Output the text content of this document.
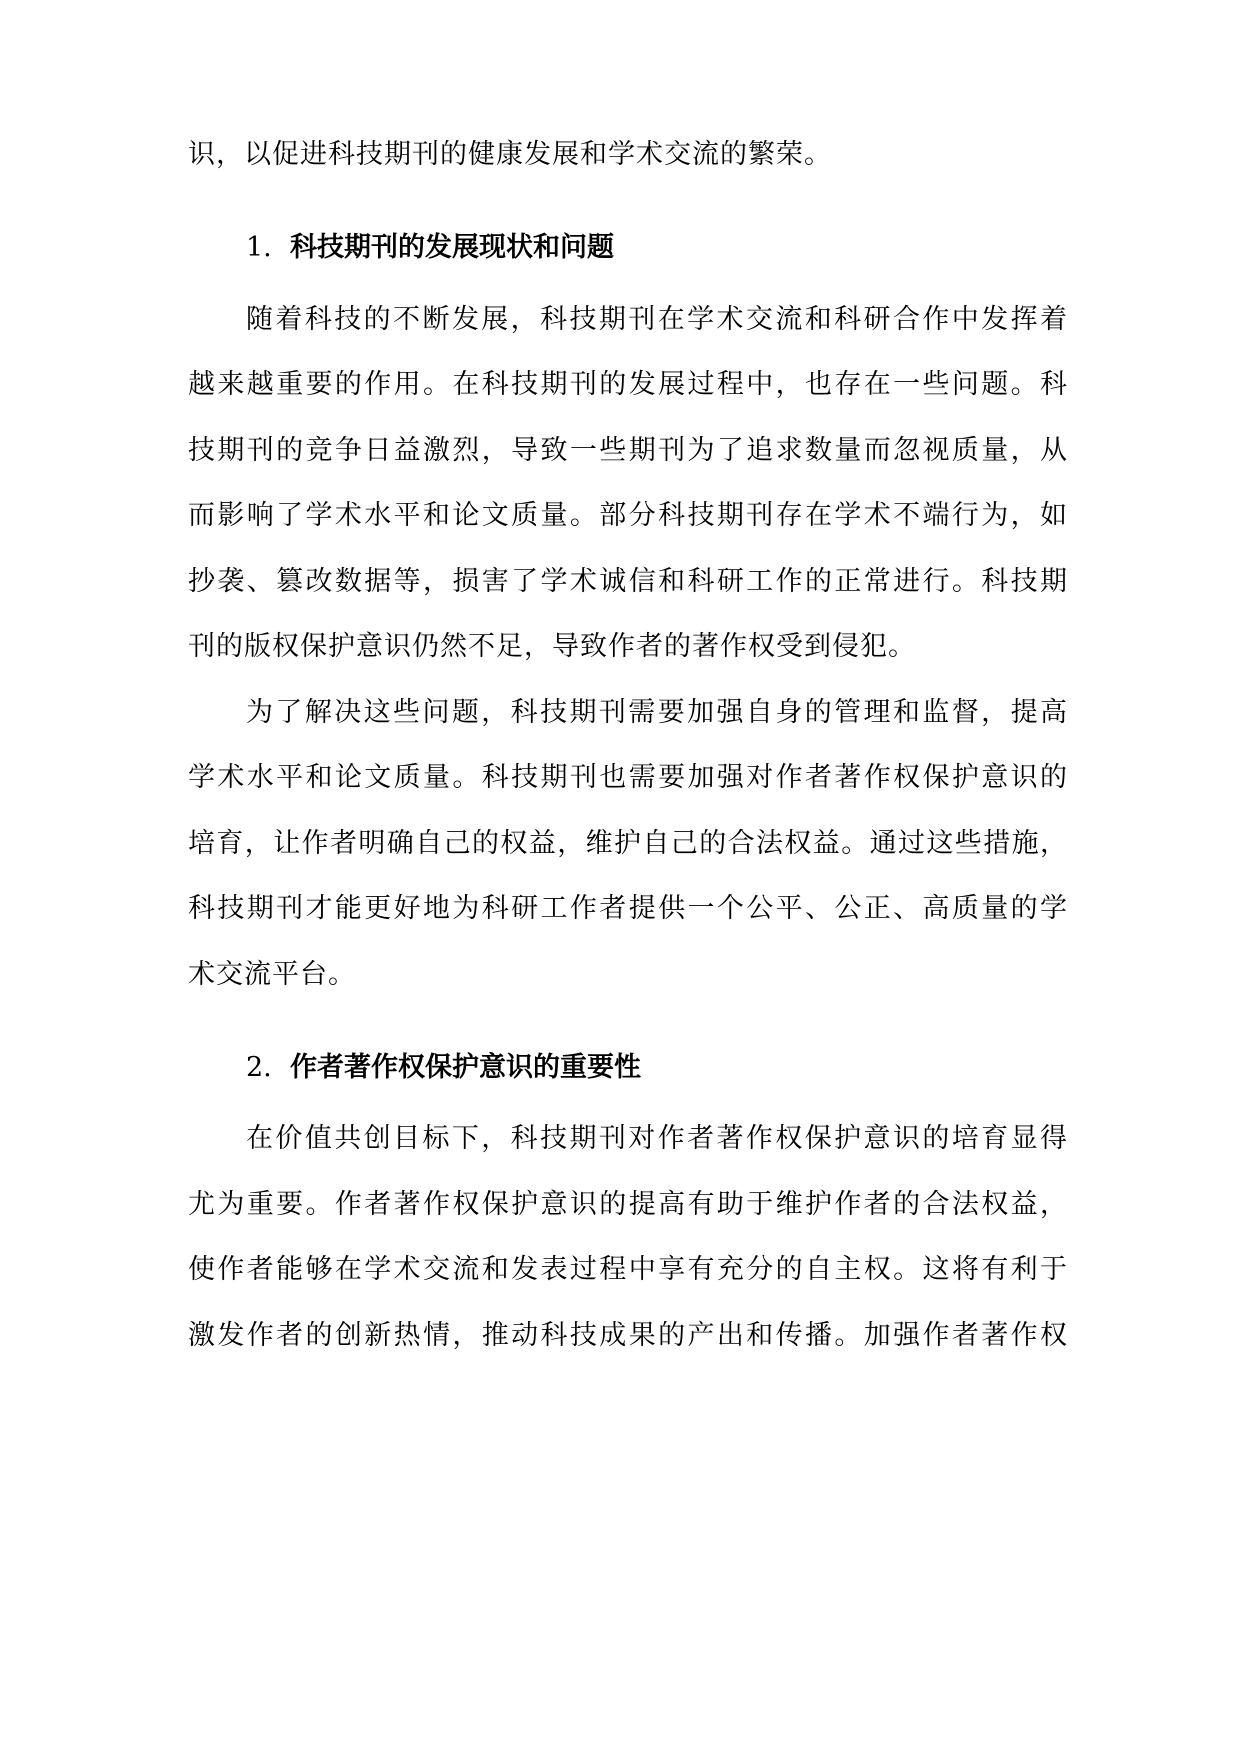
识，以促进科技期刊的健康发展和学术交流的繁荣。
1. 科技期刊的发展现状和问题
随着科技的不断发展，科技期刊在学术交流和科研合作中发挥着
越来越重要的作用。在科技期刊的发展过程中，也存在一些问题。科
技期刊的竞争日益激烈，导致一些期刊为了追求数量而忽视质量，从
而影响了学术水平和论文质量。部分科技期刊存在学术不端行为，如
抄袭、篡改数据等，损害了学术诚信和科研工作的正常进行。科技期
刊的版权保护意识仍然不足，导致作者的著作权受到侵犯。
为了解决这些问题，科技期刊需要加强自身的管理和监督，提高
学术水平和论文质量。科技期刊也需要加强对作者著作权保护意识的
培育，让作者明确自己的权益，维护自己的合法权益。通过这些措施，
科技期刊才能更好地为科研工作者提供一个公平、公正、高质量的学
术交流平台。
2. 作者著作权保护意识的重要性
在价值共创目标下，科技期刊对作者著作权保护意识的培育显得
尤为重要。作者著作权保护意识的提高有助于维护作者的合法权益，
使作者能够在学术交流和发表过程中享有充分的自主权。这将有利于
激发作者的创新热情，推动科技成果的产出和传播。加强作者著作权
